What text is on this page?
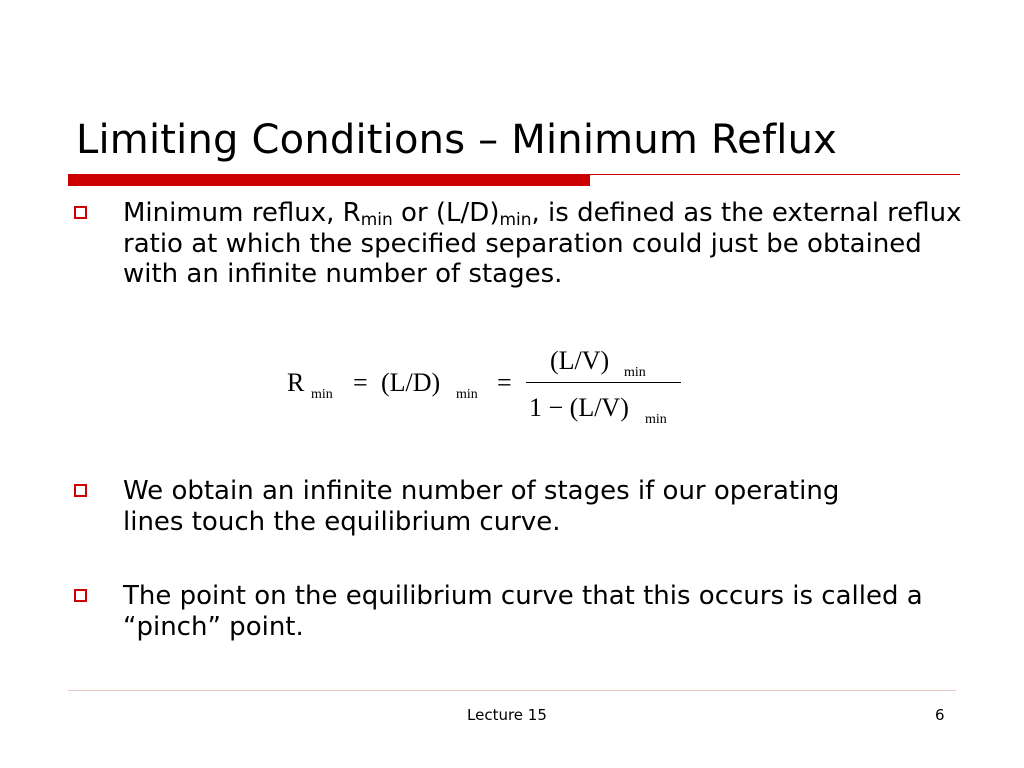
Limiting Conditions – Minimum Reflux

Minimum reflux, $R_{min}$ or $(L/D)_{min}$, is defined as the external reflux ratio at which the specified separation could just be obtained with an infinite number of stages.

R min = (L/D) min =
(L/V) min
1 − (L/V) min

We obtain an infinite number of stages if our operating lines touch the equilibrium curve.

The point on the equilibrium curve that this occurs is called a “pinch” point.

Lecture 15	6
